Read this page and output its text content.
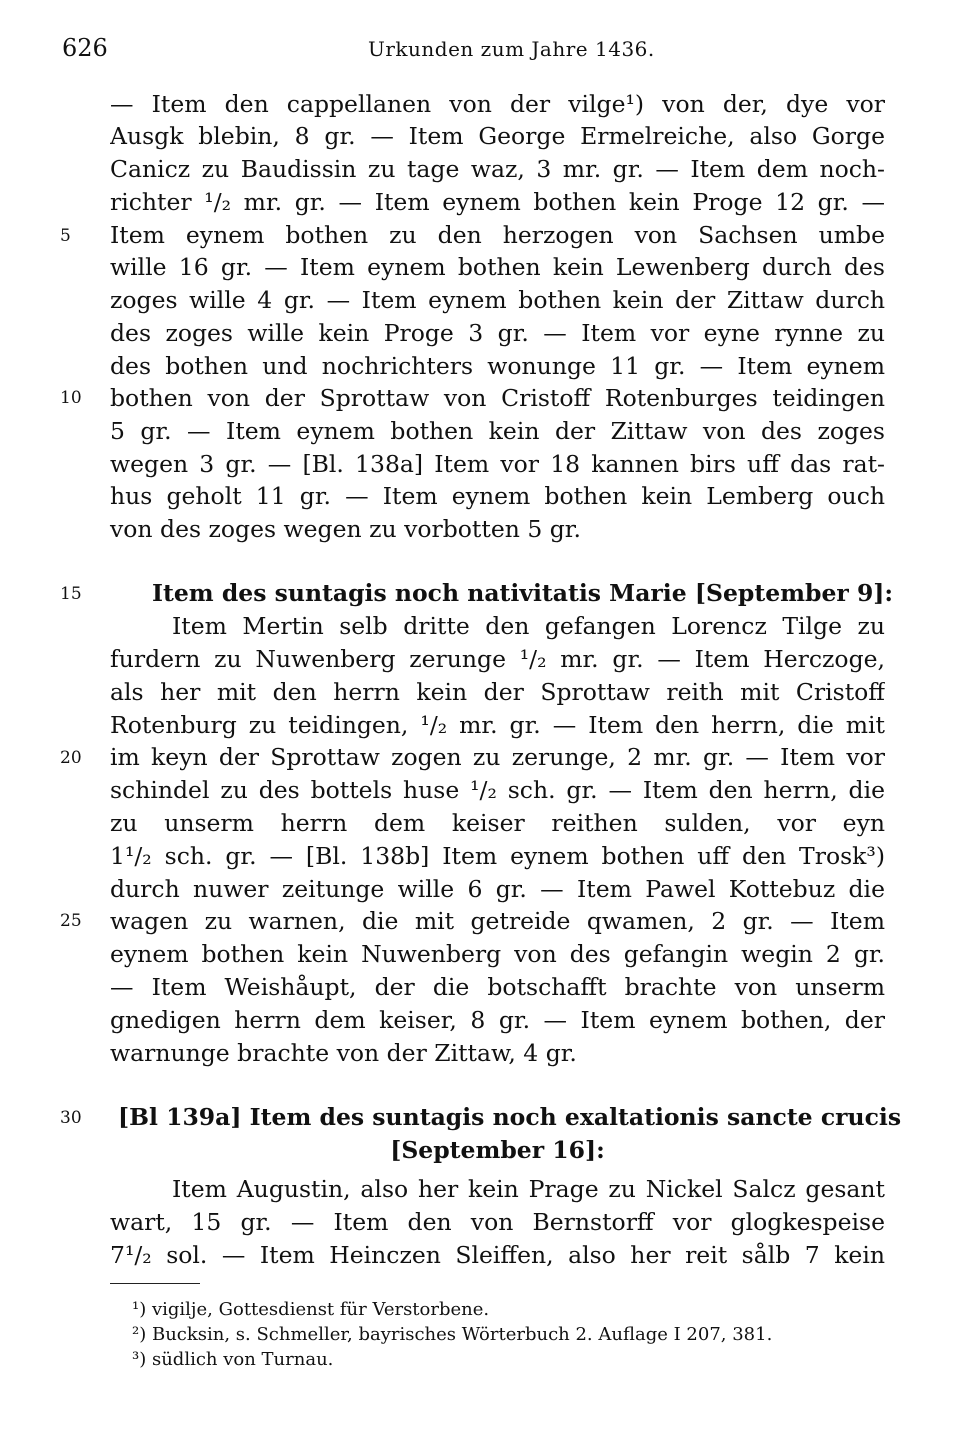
626	Urkunden zum Jahre 1436.
— Item den cappellanen von der vilge¹) von der, dye vor
Ausgk blebin, 8 gr. — Item George Ermelreiche, also Gorge
Canicz zu Baudissin zu tage waz, 3 mr. gr. — Item dem noch-
richter ¹/₂ mr. gr. — Item eynem bothen kein Proge 12 gr. —
Item eynem bothen zu den herzogen von Sachsen umbe
wille 16 gr. — Item eynem bothen kein Lewenberg durch des
zoges wille 4 gr. — Item eynem bothen kein der Zittaw durch
des zoges wille kein Proge 3 gr. — Item vor eyne rynne zu
des bothen und nochrichters wonunge 11 gr. — Item eynem
bothen von der Sprottaw von Cristoff Rotenburges teidingen
5 gr. — Item eynem bothen kein der Zittaw von des zoges
wegen 3 gr. — [Bl. 138a] Item vor 18 kannen birs uff das rat-
hus geholt 11 gr. — Item eynem bothen kein Lemberg ouch
von des zoges wegen zu vorbotten 5 gr.
Item des suntagis noch nativitatis Marie [September 9]:
Item Mertin selb dritte den gefangen Lorencz Tilge zu
furdern zu Nuwenberg zerunge ¹/₂ mr. gr. — Item Herczoge,
als her mit den herrn kein der Sprottaw reith mit Cristoff
Rotenburg zu teidingen, ¹/₂ mr. gr. — Item den herrn, die mit
im keyn der Sprottaw zogen zu zerunge, 2 mr. gr. — Item vor
schindel zu des bottels huse ¹/₂ sch. gr. — Item den herrn, die
zu unserm herrn dem keiser reithen sulden, vor eyn
1¹/₂ sch. gr. — [Bl. 138b] Item eynem bothen uff den Trosk³)
durch nuwer zeitunge wille 6 gr. — Item Pawel Kottebuz die
wagen zu warnen, die mit getreide qwamen, 2 gr. — Item
eynem bothen kein Nuwenberg von des gefangin wegin 2 gr.
— Item Weishåupt, der die botschafft brachte von unserm
gnedigen herrn dem keiser, 8 gr. — Item eynem bothen, der
warnunge brachte von der Zittaw, 4 gr.
[Bl 139a] Item des suntagis noch exaltationis sancte crucis
[September 16]:
Item Augustin, also her kein Prage zu Nickel Salcz gesant
wart, 15 gr. — Item den von Bernstorff vor glogkespeise
7¹/₂ sol. — Item Heinczen Sleiffen, also her reit sålb 7 kein
5
10
15
20
25
30
¹) vigilje, Gottesdienst für Verstorbene.
²) Bucksin, s. Schmeller, bayrisches Wörterbuch 2. Auflage I 207, 381.
³) südlich von Turnau.
